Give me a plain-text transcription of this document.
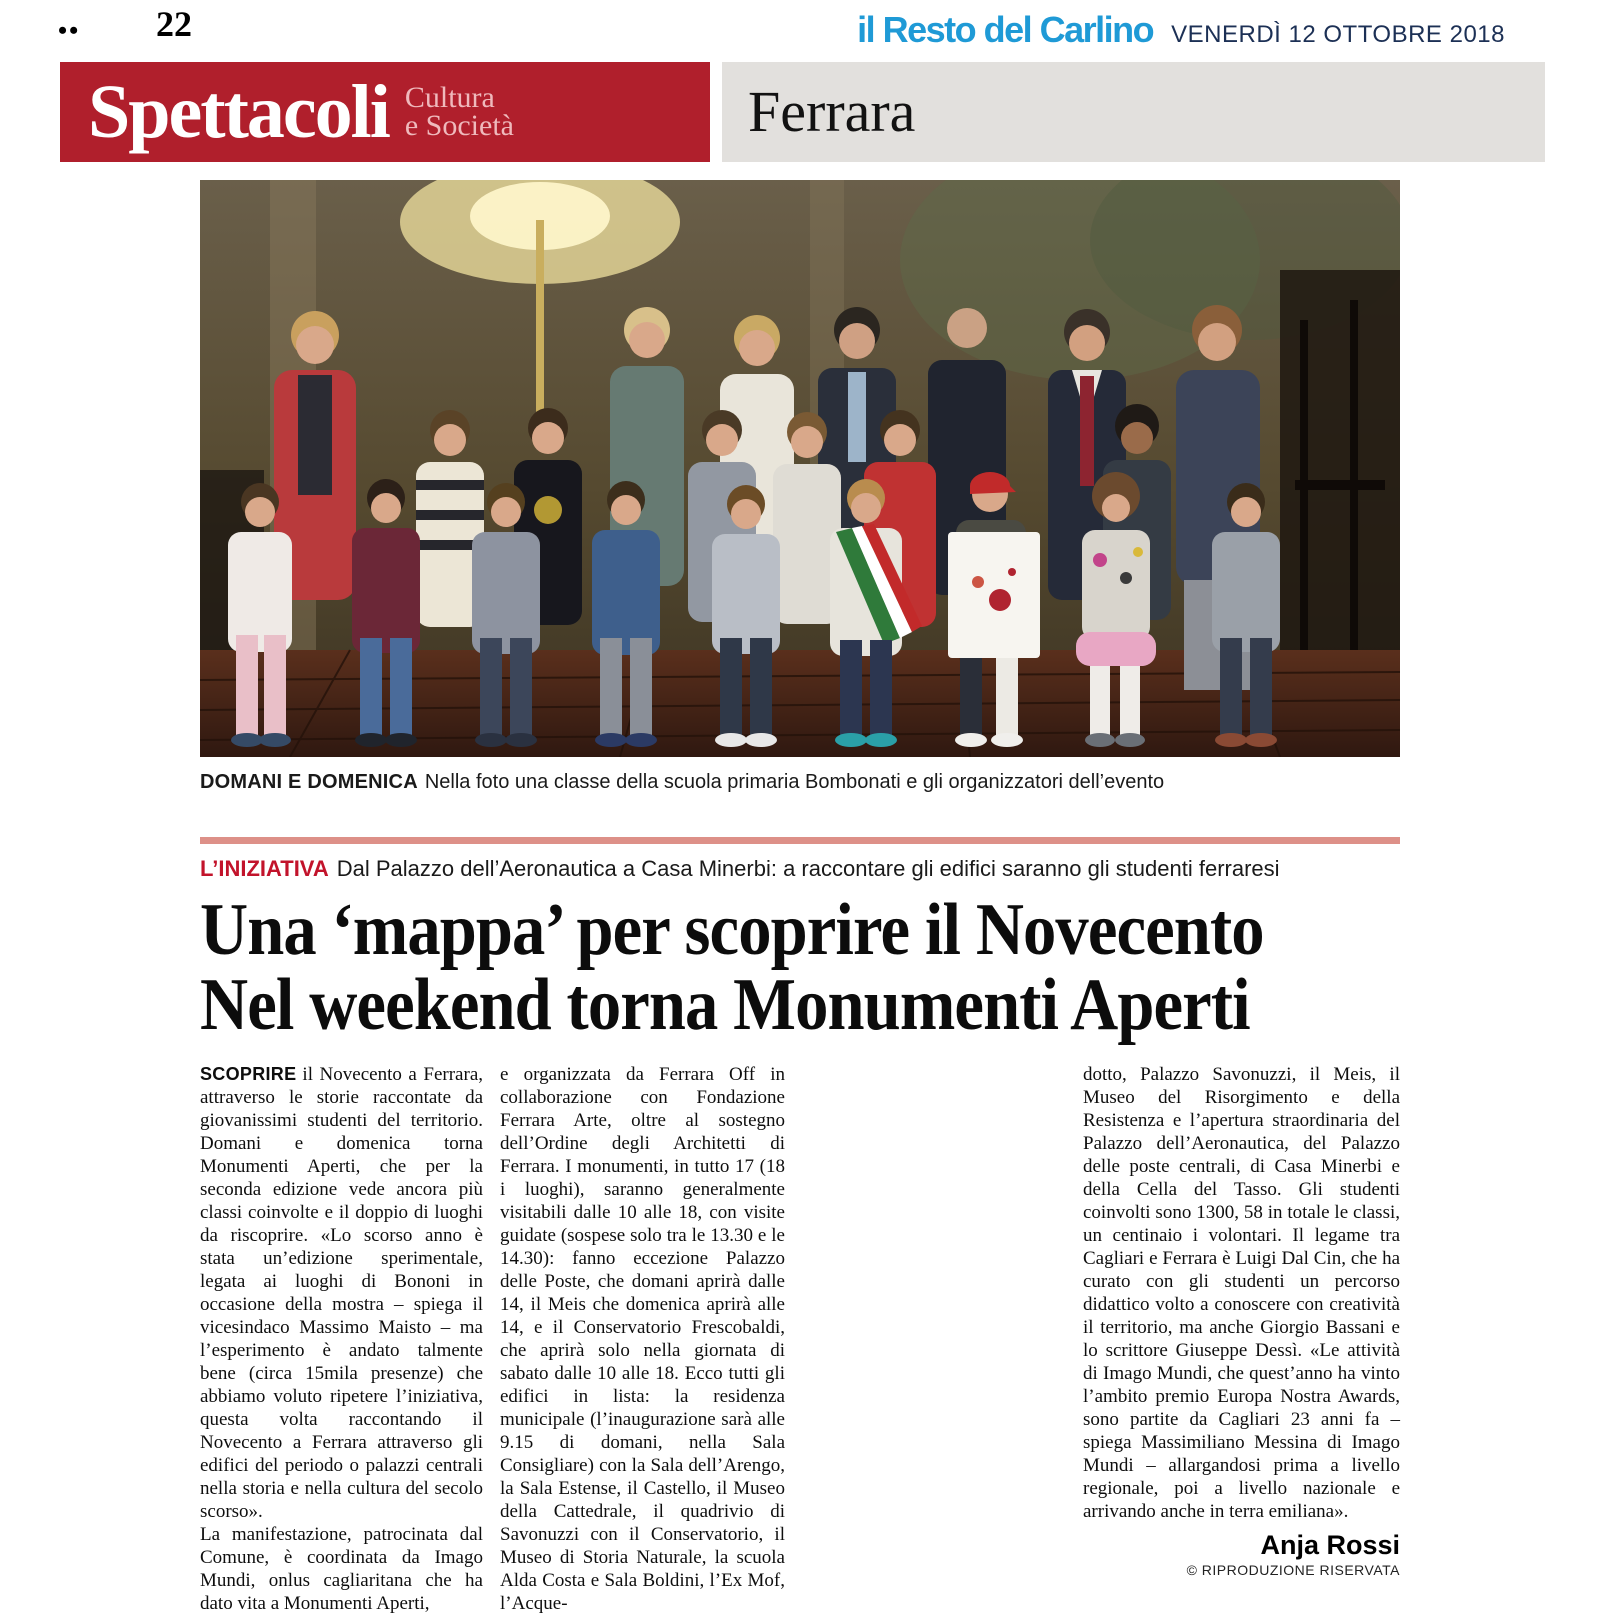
•• 22	il Resto del Carlino VENERDÌ 12 OTTOBRE 2018
Spettacoli Cultura
e Società	Ferrara
DOMANI E DOMENICA Nella foto una classe della scuola primaria Bombonati e gli organizzatori dell’evento
L’INIZIATIVA Dal Palazzo dell’Aeronautica a Casa Minerbi: a raccontare gli edifici saranno gli studenti ferraresi
Una ‘mappa’ per scoprire il Novecento
Nel weekend torna Monumenti Aperti

SCOPRIRE il Novecento a Ferrara, attraverso le storie raccontate da giovanissimi studenti del territorio. Domani e domenica torna Monumenti Aperti, che per la seconda edizione vede ancora più classi coinvolte e il doppio di luoghi da riscoprire. «Lo scorso anno è stata un’edizione sperimentale, legata ai luoghi di Bononi in occasione della mostra – spiega il vicesindaco Massimo Maisto – ma l’esperimento è andato talmente bene (circa 15mila presenze) che abbiamo voluto ripetere l’iniziativa, questa volta raccontando il Novecento a Ferrara attraverso gli edifici del periodo o palazzi centrali nella storia e nella cultura del secolo scorso».

La manifestazione, patrocinata dal Comune, è coordinata da Imago Mundi, onlus cagliaritana che ha dato vita a Monumenti Aperti,

e organizzata da Ferrara Off in collaborazione con Fondazione Ferrara Arte, oltre al sostegno dell’Ordine degli Architetti di Ferrara. I monumenti, in tutto 17 (18 i luoghi), saranno generalmente visitabili dalle 10 alle 18, con visite guidate (sospese solo tra le 13.30 e le 14.30): fanno eccezione Palazzo delle Poste, che domani aprirà dalle 14, il Meis che domenica aprirà alle 14, e il Conservatorio Frescobaldi, che aprirà solo nella giornata di sabato dalle 10 alle 18. Ecco tutti gli edifici in lista: la residenza municipale (l’inaugurazione sarà alle 9.15 di domani, nella Sala Consigliare) con la Sala dell’Arengo, la Sala Estense, il Castello, il Museo della Cattedrale, il quadrivio di Savonuzzi con il Conservatorio, il Museo di Storia Naturale, la scuola Alda Costa e Sala Boldini, l’Ex Mof, l’Acque-

dotto, Palazzo Savonuzzi, il Meis, il Museo del Risorgimento e della Resistenza e l’apertura straordinaria del Palazzo dell’Aeronautica, del Palazzo delle poste centrali, di Casa Minerbi e della Cella del Tasso. Gli studenti coinvolti sono 1300, 58 in totale le classi, un centinaio i volontari. Il legame tra Cagliari e Ferrara è Luigi Dal Cin, che ha curato con gli studenti un percorso didattico volto a conoscere con creatività il territorio, ma anche Giorgio Bassani e lo scrittore Giuseppe Dessì. «Le attività di Imago Mundi, che quest’anno ha vinto l’ambito premio Europa Nostra Awards, sono partite da Cagliari 23 anni fa – spiega Massimiliano Messina di Imago Mundi – allargandosi prima a livello regionale, poi a livello nazionale e arrivando anche in terra emiliana».

Anja Rossi
© RIPRODUZIONE RISERVATA
